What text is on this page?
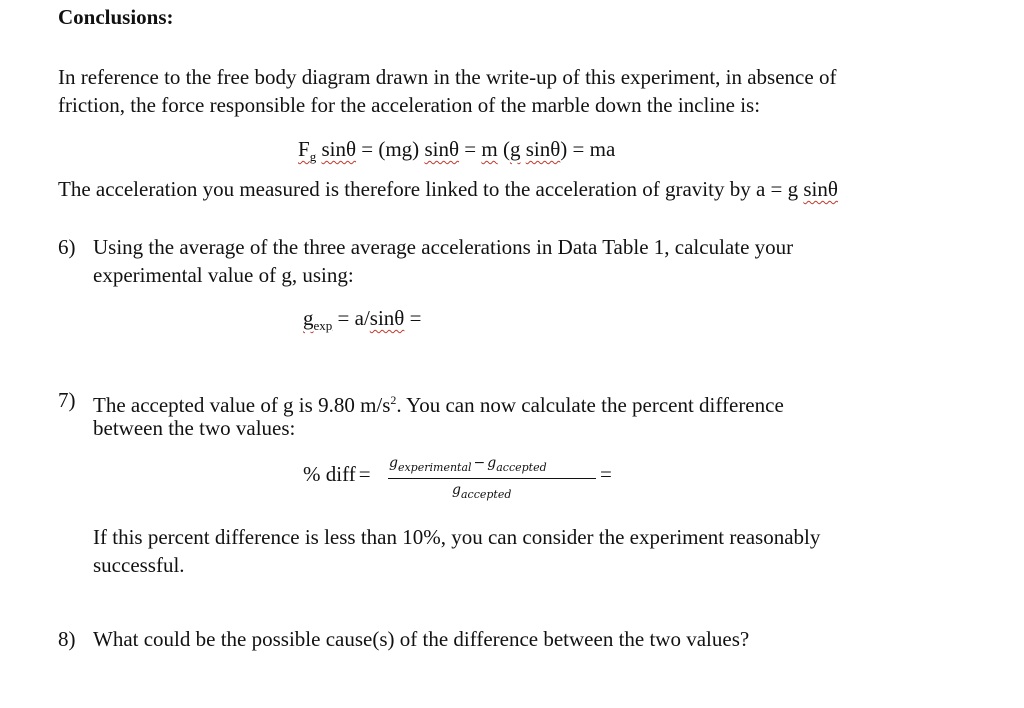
Conclusions:
In reference to the free body diagram drawn in the write-up of this experiment, in absence of
friction, the force responsible for the acceleration of the marble down the incline is:
$F_g$ sinθ = (mg) sinθ = m (g sinθ) = ma
The acceleration you measured is therefore linked to the acceleration of gravity by a = g sinθ
6) Using the average of the three average accelerations in Data Table 1, calculate your
experimental value of g, using:
$g_{exp} = a/\sin\theta$ =
7) The accepted value of g is 9.80 $m/s^2$. You can now calculate the percent difference
between the two values:
% diff = $g_{experimental} - g_{accepted}$
$g_{accepted}$
=
If this percent difference is less than 10%, you can consider the experiment reasonably
successful.
8) What could be the possible cause(s) of the difference between the two values?
